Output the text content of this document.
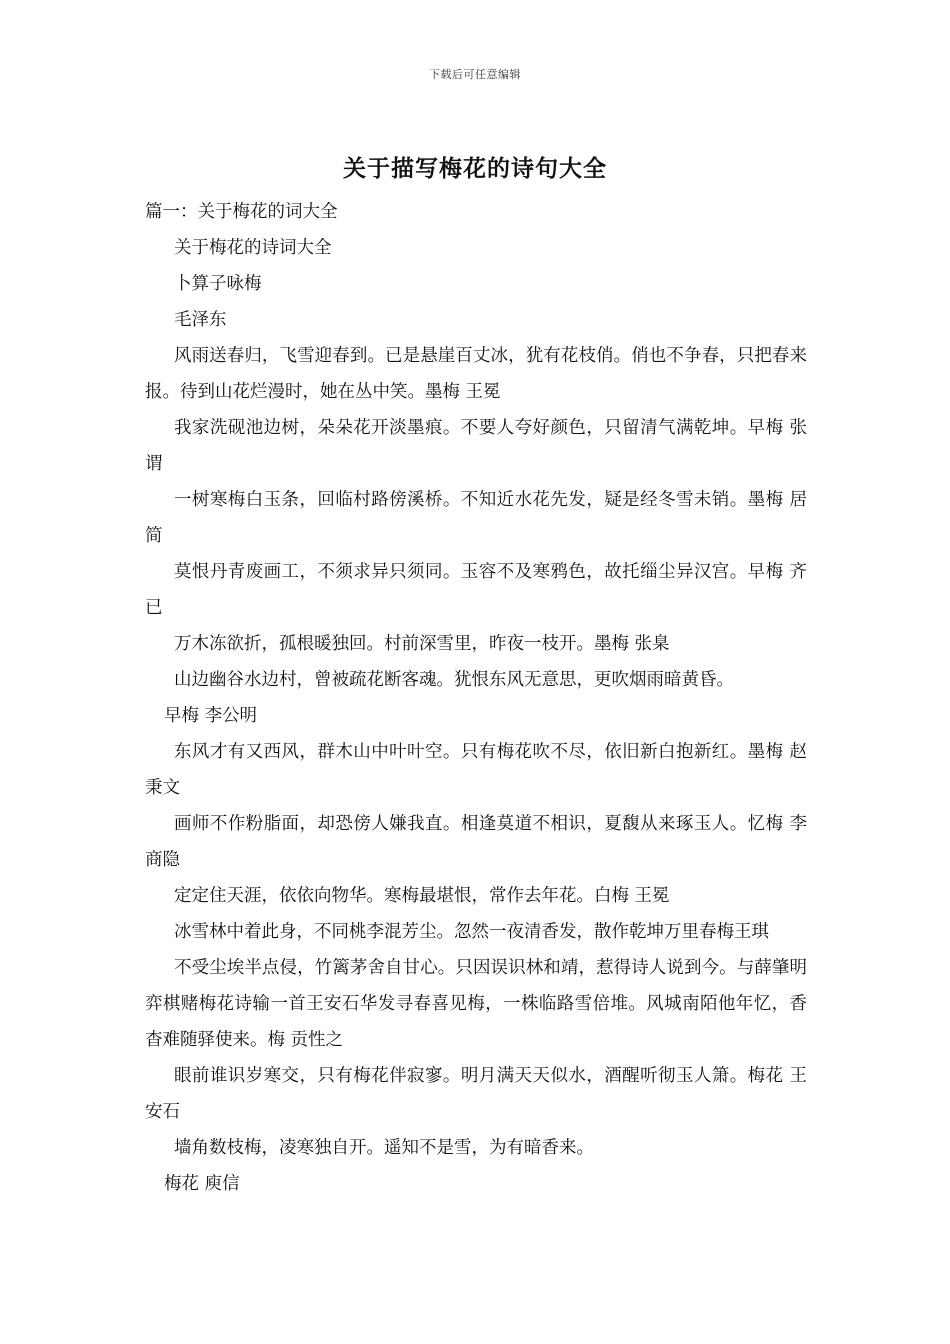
下载后可任意编辑
关于描写梅花的诗句大全

篇一：关于梅花的词大全

关于梅花的诗词大全

卜算子咏梅

毛泽东

风雨送春归，飞雪迎春到。已是悬崖百丈冰，犹有花枝俏。俏也不争春，只把春来报。待到山花烂漫时，她在丛中笑。墨梅 王冕

我家洗砚池边树，朵朵花开淡墨痕。不要人夸好颜色，只留清气满乾坤。早梅 张谓

一树寒梅白玉条，回临村路傍溪桥。不知近水花先发，疑是经冬雪未销。墨梅 居简

莫恨丹青废画工，不须求异只须同。玉容不及寒鸦色，故托缁尘异汉宫。早梅 齐已

万木冻欲折，孤根暖独回。村前深雪里，昨夜一枝开。墨梅 张臬

山边幽谷水边村，曾被疏花断客魂。犹恨东风无意思，更吹烟雨暗黄昏。

早梅 李公明

东风才有又西风，群木山中叶叶空。只有梅花吹不尽，依旧新白抱新红。墨梅 赵秉文

画师不作粉脂面，却恐傍人嫌我直。相逢莫道不相识，夏馥从来琢玉人。忆梅 李商隐

定定住天涯，依依向物华。寒梅最堪恨，常作去年花。白梅 王冕

冰雪林中着此身，不同桃李混芳尘。忽然一夜清香发，散作乾坤万里春梅王琪

不受尘埃半点侵，竹篱茅舍自甘心。只因误识林和靖，惹得诗人说到今。与薛肇明弈棋赌梅花诗输一首王安石华发寻春喜见梅，一株临路雪倍堆。风城南陌他年忆，香杳难随驿使来。梅 贡性之

眼前谁识岁寒交，只有梅花伴寂寥。明月满天天似水，酒醒听彻玉人箫。梅花 王安石

墙角数枝梅，凌寒独自开。遥知不是雪，为有暗香来。

梅花 庾信
